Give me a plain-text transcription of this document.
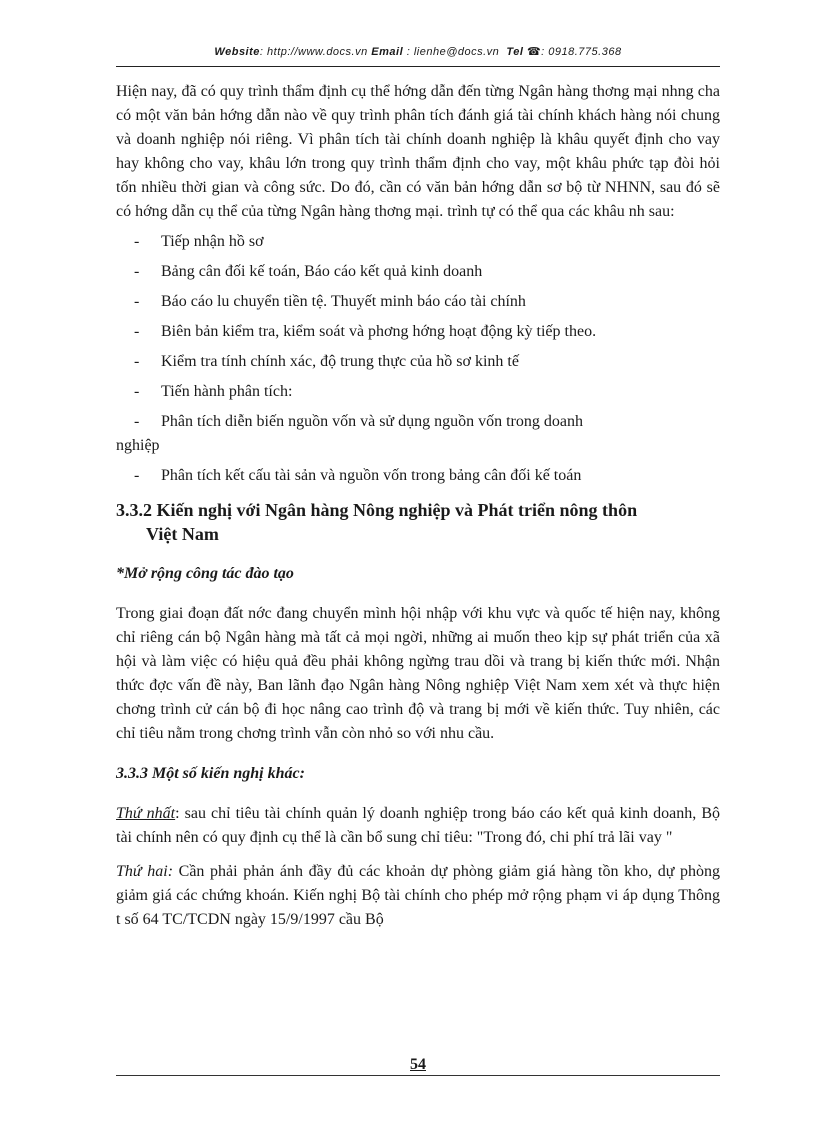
Website: http://www.docs.vn Email : lienhe@docs.vn Tel ☎: 0918.775.368

Hiện nay, đã có quy trình thẩm định cụ thể hớng dẫn đến từng Ngân hàng thơng mại nhng cha có một văn bản hớng dẫn nào về quy trình phân tích đánh giá tài chính khách hàng nói chung và doanh nghiệp nói riêng. Vì phân tích tài chính doanh nghiệp là khâu quyết định cho vay hay không cho vay, khâu lớn trong quy trình thẩm định cho vay, một khâu phức tạp đòi hỏi tốn nhiều thời gian và công sức. Do đó, cần có văn bản hớng dẫn sơ bộ từ NHNN, sau đó sẽ có hớng dẫn cụ thể của từng Ngân hàng thơng mại. trình tự có thể qua các khâu nh sau:

- Tiếp nhận hồ sơ
- Bảng cân đối kế toán, Báo cáo kết quả kinh doanh
- Báo cáo lu chuyển tiền tệ. Thuyết minh báo cáo tài chính
- Biên bản kiểm tra, kiểm soát và phơng hớng hoạt động kỳ tiếp theo.
- Kiểm tra tính chính xác, độ trung thực của hồ sơ kinh tế
- Tiến hành phân tích:
- Phân tích diễn biến nguồn vốn và sử dụng nguồn vốn trong doanh

nghiệp

- Phân tích kết cấu tài sản và nguồn vốn trong bảng cân đối kế toán
3.3.2 Kiến nghị với Ngân hàng Nông nghiệp và Phát triển nông thôn
Việt Nam

*Mở rộng công tác đào tạo

Trong giai đoạn đất nớc đang chuyển mình hội nhập với khu vực và quốc tế hiện nay, không chỉ riêng cán bộ Ngân hàng mà tất cả mọi ngời, những ai muốn theo kịp sự phát triển của xã hội và làm việc có hiệu quả đều phải không ngừng trau dồi và trang bị kiến thức mới. Nhận thức đợc vấn đề này, Ban lãnh đạo Ngân hàng Nông nghiệp Việt Nam xem xét và thực hiện chơng trình cử cán bộ đi học nâng cao trình độ và trang bị mới về kiến thức. Tuy nhiên, các chỉ tiêu nằm trong chơng trình vẫn còn nhỏ so với nhu cầu.

3.3.3 Một số kiến nghị khác:

Thứ nhất: sau chỉ tiêu tài chính quản lý doanh nghiệp trong báo cáo kết quả kinh doanh, Bộ tài chính nên có quy định cụ thể là cần bổ sung chỉ tiêu: "Trong đó, chi phí trả lãi vay "

Thứ hai: Cần phải phản ánh đầy đủ các khoản dự phòng giảm giá hàng tồn kho, dự phòng giảm giá các chứng khoán. Kiến nghị Bộ tài chính cho phép mở rộng phạm vi áp dụng Thông t số 64 TC/TCDN ngày 15/9/1997 cầu Bộ

54
